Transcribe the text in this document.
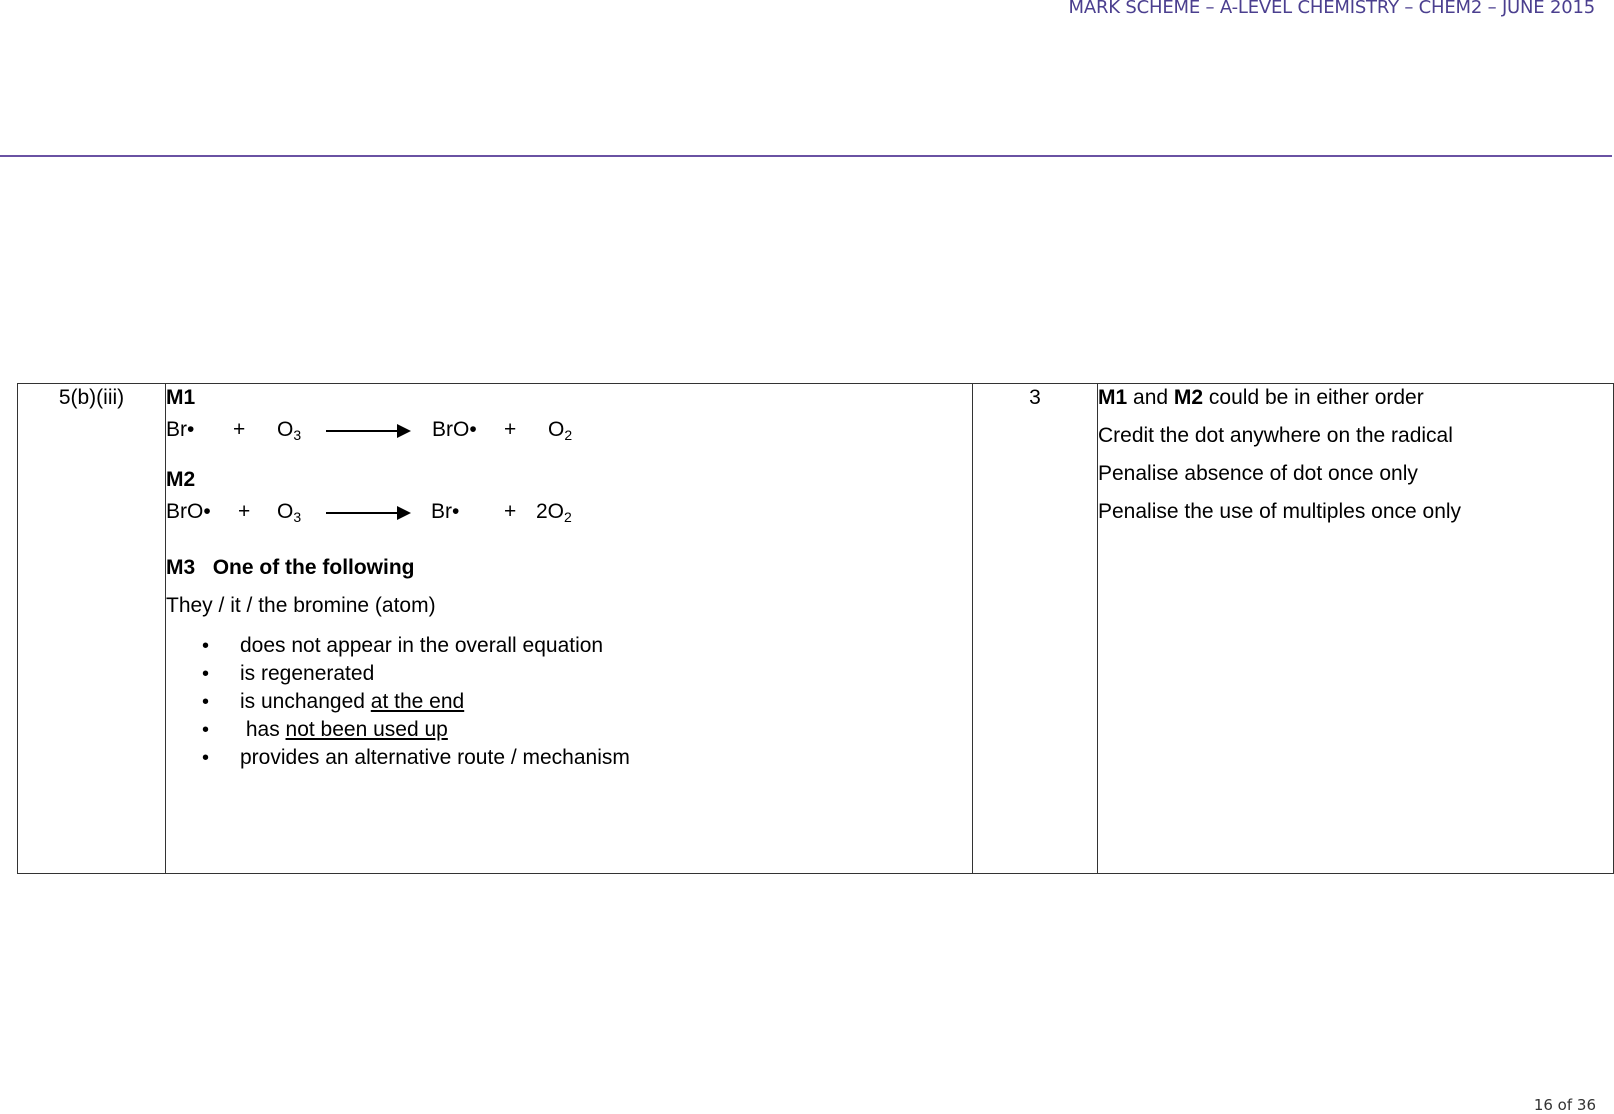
MARK SCHEME – A-LEVEL CHEMISTRY – CHEM2 – JUNE 2015
5(b)(iii)	M1
Br• + $O_3$	BrO• + $O_2$
M2
BrO• + $O_3$	Br• + $2O_2$
M3 One of the following
They / it / the bromine (atom)
• does not appear in the overall equation
• is regenerated
• is unchanged at the end
•  has not been used up
• provides an alternative route / mechanism
	3	M1 and M2 could be in either order
Credit the dot anywhere on the radical
Penalise absence of dot once only
Penalise the use of multiples once only
16 of 36
